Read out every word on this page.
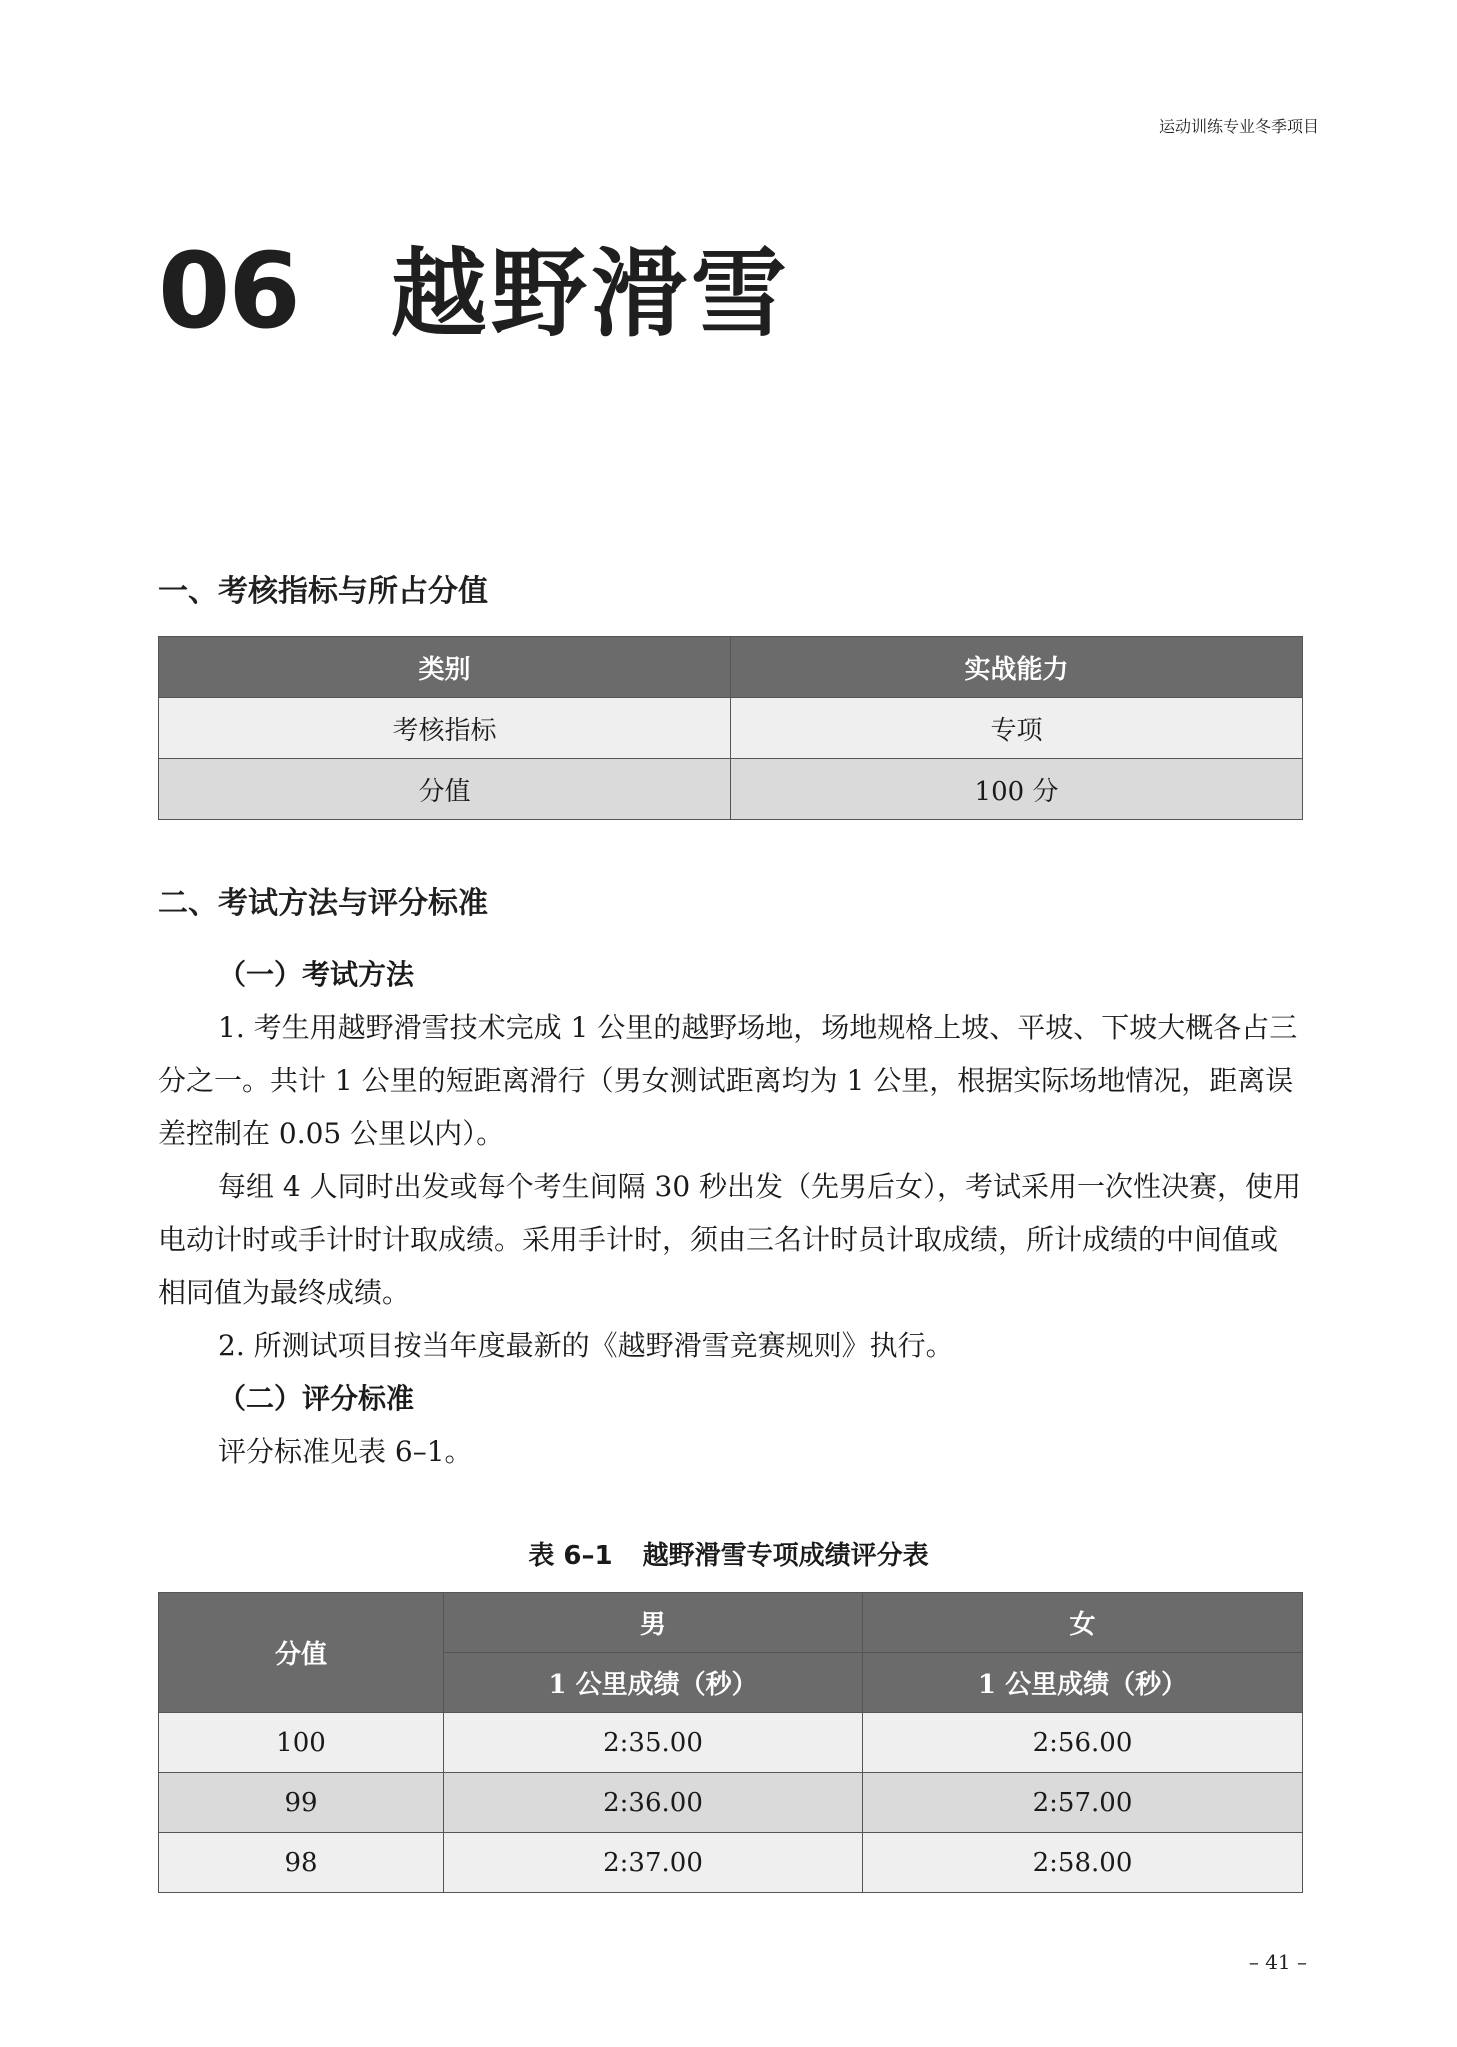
运动训练专业冬季项目
06 越野滑雪
一、考核指标与所占分值
类别	实战能力
考核指标	专项
分值	100 分
二、考试方法与评分标准

（一）考试方法

1. 考生用越野滑雪技术完成 1 公里的越野场地，场地规格上坡、平坡、下坡大概各占三分之一。共计 1 公里的短距离滑行（男女测试距离均为 1 公里，根据实际场地情况，距离误差控制在 0.05 公里以内）。

每组 4 人同时出发或每个考生间隔 30 秒出发（先男后女），考试采用一次性决赛，使用电动计时或手计时计取成绩。采用手计时，须由三名计时员计取成绩，所计成绩的中间值或相同值为最终成绩。

2. 所测试项目按当年度最新的《越野滑雪竞赛规则》执行。

（二）评分标准

评分标准见表 6–1。

表 6–1 越野滑雪专项成绩评分表
分值	男	女
	1 公里成绩（秒）	1 公里成绩（秒）
100	2:35.00	2:56.00
99	2:36.00	2:57.00
98	2:37.00	2:58.00
– 41 –
